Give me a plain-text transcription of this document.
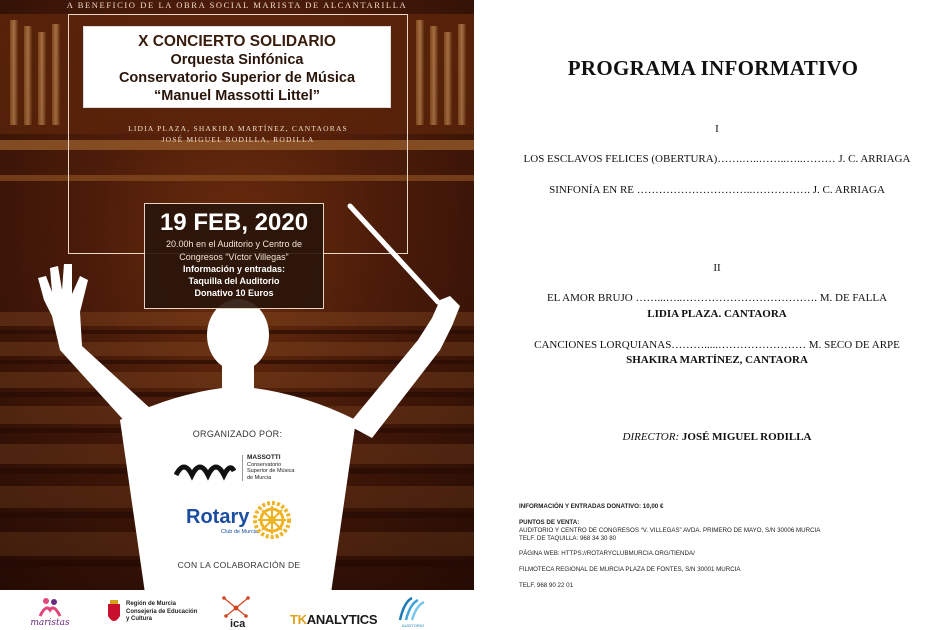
A BENEFICIO DE LA OBRA SOCIAL MARISTA DE ALCANTARILLA
X CONCIERTO SOLIDARIO
Orquesta Sinfónica
Conservatorio Superior de Música
“Manuel Massotti Littel”
LIDIA PLAZA, SHAKIRA MARTÍNEZ, CANTAORAS
JOSÉ MIGUEL RODILLA, RODILLA
19 FEB, 2020
20.00h en el Auditorio y Centro de
Congresos “Víctor Villegas”
Información y entradas:
Taquilla del Auditorio
Donativo 10 Euros
ORGANIZADO POR:
MASSOTTI
Conservatorio
Superior de Música
de Murcia
Rotary
Club de Murcia
CON LA COLABORACIÓN DE
maristas
Región de Murcia
Consejería de Educación
y Cultura	ica	TKANALYTICS	AUDITORIO
PROGRAMA INFORMATIVO
I
LOS ESCLAVOS FELICES (OBERTURA)…….…..……..…..……… J. C. ARRIAGA
SINFONÍA EN RE …………………………..……………. J. C. ARRIAGA
II
EL AMOR BRUJO ……...…..………………………………. M. DE FALLA
LIDIA PLAZA. CANTAORA
CANCIONES LORQUIANAS……….....…………………… M. SECO DE ARPE
SHAKIRA MARTÍNEZ, CANTAORA
DIRECTOR: JOSÉ MIGUEL RODILLA
INFORMACIÓN Y ENTRADAS DONATIVO: 10,00 €
PUNTOS DE VENTA:
AUDITORIO Y CENTRO DE CONGRESOS “V. VILLEGAS” AVDA. PRIMERO DE MAYO, S/N 30006 MURCIA
TELF. DE TAQUILLA: 968 34 30 80
PÁGINA WEB: HTTPS://ROTARYCLUBMURCIA.ORG/TIENDA/
FILMOTECA REGIONAL DE MURCIA PLAZA DE FONTES, S/N 30001 MURCIA
TELF. 968 90 22 01
